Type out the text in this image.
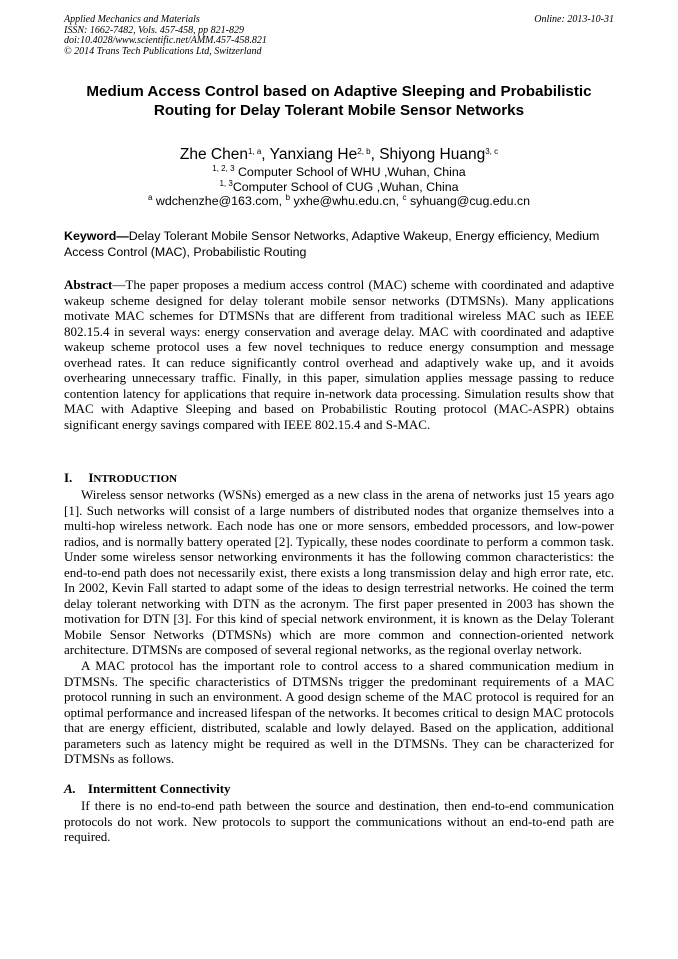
Applied Mechanics and Materials
ISSN: 1662-7482, Vols. 457-458, pp 821-829
doi:10.4028/www.scientific.net/AMM.457-458.821
© 2014 Trans Tech Publications Ltd, Switzerland
Online: 2013-10-31
Medium Access Control based on Adaptive Sleeping and Probabilistic
Routing for Delay Tolerant Mobile Sensor Networks
Zhe Chen$^{1, a}$, Yanxiang He$^{2, b}$, Shiyong Huang$^{3, c}$
$^{1, 2, 3}$ Computer School of WHU ,Wuhan, China
$^{1, 3}$Computer School of CUG ,Wuhan, China
$^a$ wdchenzhe@163.com, $^b$ yxhe@whu.edu.cn, $^c$ syhuang@cug.edu.cn
Keyword—Delay Tolerant Mobile Sensor Networks, Adaptive Wakeup, Energy efficiency, Medium Access Control (MAC), Probabilistic Routing
Abstract—The paper proposes a medium access control (MAC) scheme with coordinated and adaptive wakeup scheme designed for delay tolerant mobile sensor networks (DTMSNs). Many applications motivate MAC schemes for DTMSNs that are different from traditional wireless MAC such as IEEE 802.15.4 in several ways: energy conservation and average delay. MAC with coordinated and adaptive wakeup scheme protocol uses a few novel techniques to reduce energy consumption and message overhead rates. It can reduce significantly control overhead and adaptively wake up, and it avoids overhearing unnecessary traffic. Finally, in this paper, simulation applies message passing to reduce contention latency for applications that require in-network data processing. Simulation results show that MAC with Adaptive Sleeping and based on Probabilistic Routing protocol (MAC-ASPR) obtains significant energy savings compared with IEEE 802.15.4 and S-MAC.
I. INTRODUCTION

Wireless sensor networks (WSNs) emerged as a new class in the arena of networks just 15 years ago [1]. Such networks will consist of a large numbers of distributed nodes that organize themselves into a multi-hop wireless network. Each node has one or more sensors, embedded processors, and low-power radios, and is normally battery operated [2]. Typically, these nodes coordinate to perform a common task. Under some wireless sensor networking environments it has the following common characteristics: the end-to-end path does not necessarily exist, there exists a long transmission delay and high error rate, etc. In 2002, Kevin Fall started to adapt some of the ideas to design terrestrial networks. He coined the term delay tolerant networking with DTN as the acronym. The first paper presented in 2003 has shown the motivation for DTN [3]. For this kind of special network environment, it is known as the Delay Tolerant Mobile Sensor Networks (DTMSNs) which are more common and connection-oriented network architecture. DTMSNs are composed of several regional networks, as the regional overlay network.

A MAC protocol has the important role to control access to a shared communication medium in DTMSNs. The specific characteristics of DTMSNs trigger the predominant requirements of a MAC protocol running in such an environment. A good design scheme of the MAC protocol is required for an optimal performance and increased lifespan of the networks. It becomes critical to design MAC protocols that are energy efficient, distributed, scalable and lowly delayed. Based on the application, additional parameters such as latency might be required as well in the DTMSNs. They can be characterized for DTMSNs as follows.

A. Intermittent Connectivity

If there is no end-to-end path between the source and destination, then end-to-end communication protocols do not work. New protocols to support the communications without an end-to-end path are required.
